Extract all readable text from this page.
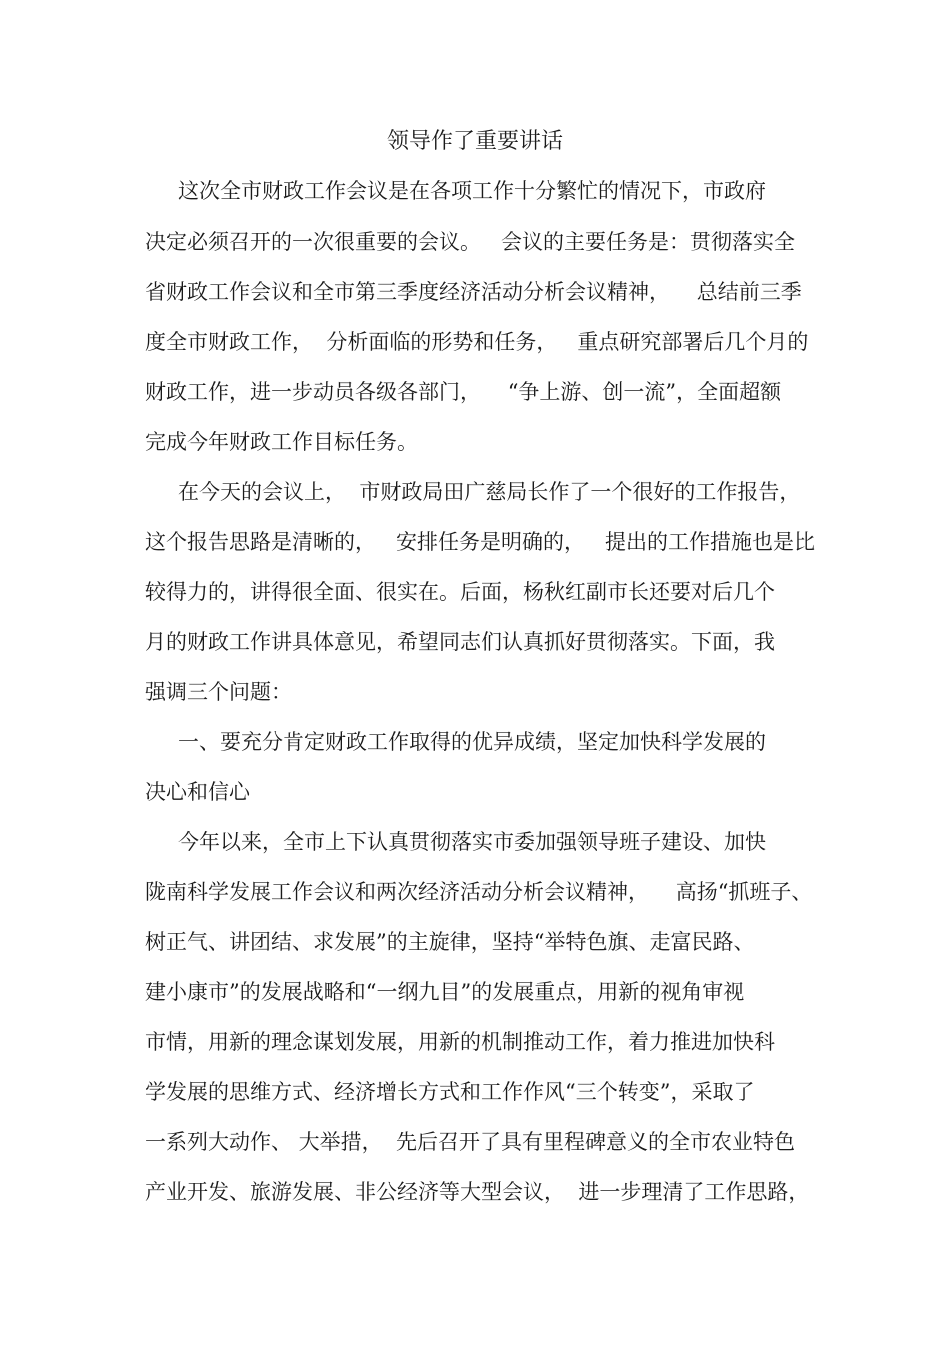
领导作了重要讲话
这次全市财政工作会议是在各项工作十分繁忙的情况下，市政府
决定必须召开的一次很重要的会议。   会议的主要任务是：贯彻落实全
省财政工作会议和全市第三季度经济活动分析会议精神，    总结前三季
度全市财政工作，  分析面临的形势和任务，   重点研究部署后几个月的
财政工作，进一步动员各级各部门，    “争上游、创一流”，全面超额
完成今年财政工作目标任务。
在今天的会议上，  市财政局田广慈局长作了一个很好的工作报告，
这个报告思路是清晰的，   安排任务是明确的，   提出的工作措施也是比
较得力的，讲得很全面、很实在。后面，杨秋红副市长还要对后几个
月的财政工作讲具体意见，希望同志们认真抓好贯彻落实。下面，我
强调三个问题：
一、要充分肯定财政工作取得的优异成绩，坚定加快科学发展的
决心和信心
今年以来，全市上下认真贯彻落实市委加强领导班子建设、加快
陇南科学发展工作会议和两次经济活动分析会议精神，    高扬“抓班子、
树正气、讲团结、求发展”的主旋律，坚持“举特色旗、走富民路、
建小康市”的发展战略和“一纲九目”的发展重点，用新的视角审视
市情，用新的理念谋划发展，用新的机制推动工作，着力推进加快科
学发展的思维方式、经济增长方式和工作作风“三个转变”，采取了
一系列大动作、 大举措，  先后召开了具有里程碑意义的全市农业特色
产业开发、旅游发展、非公经济等大型会议，  进一步理清了工作思路，
